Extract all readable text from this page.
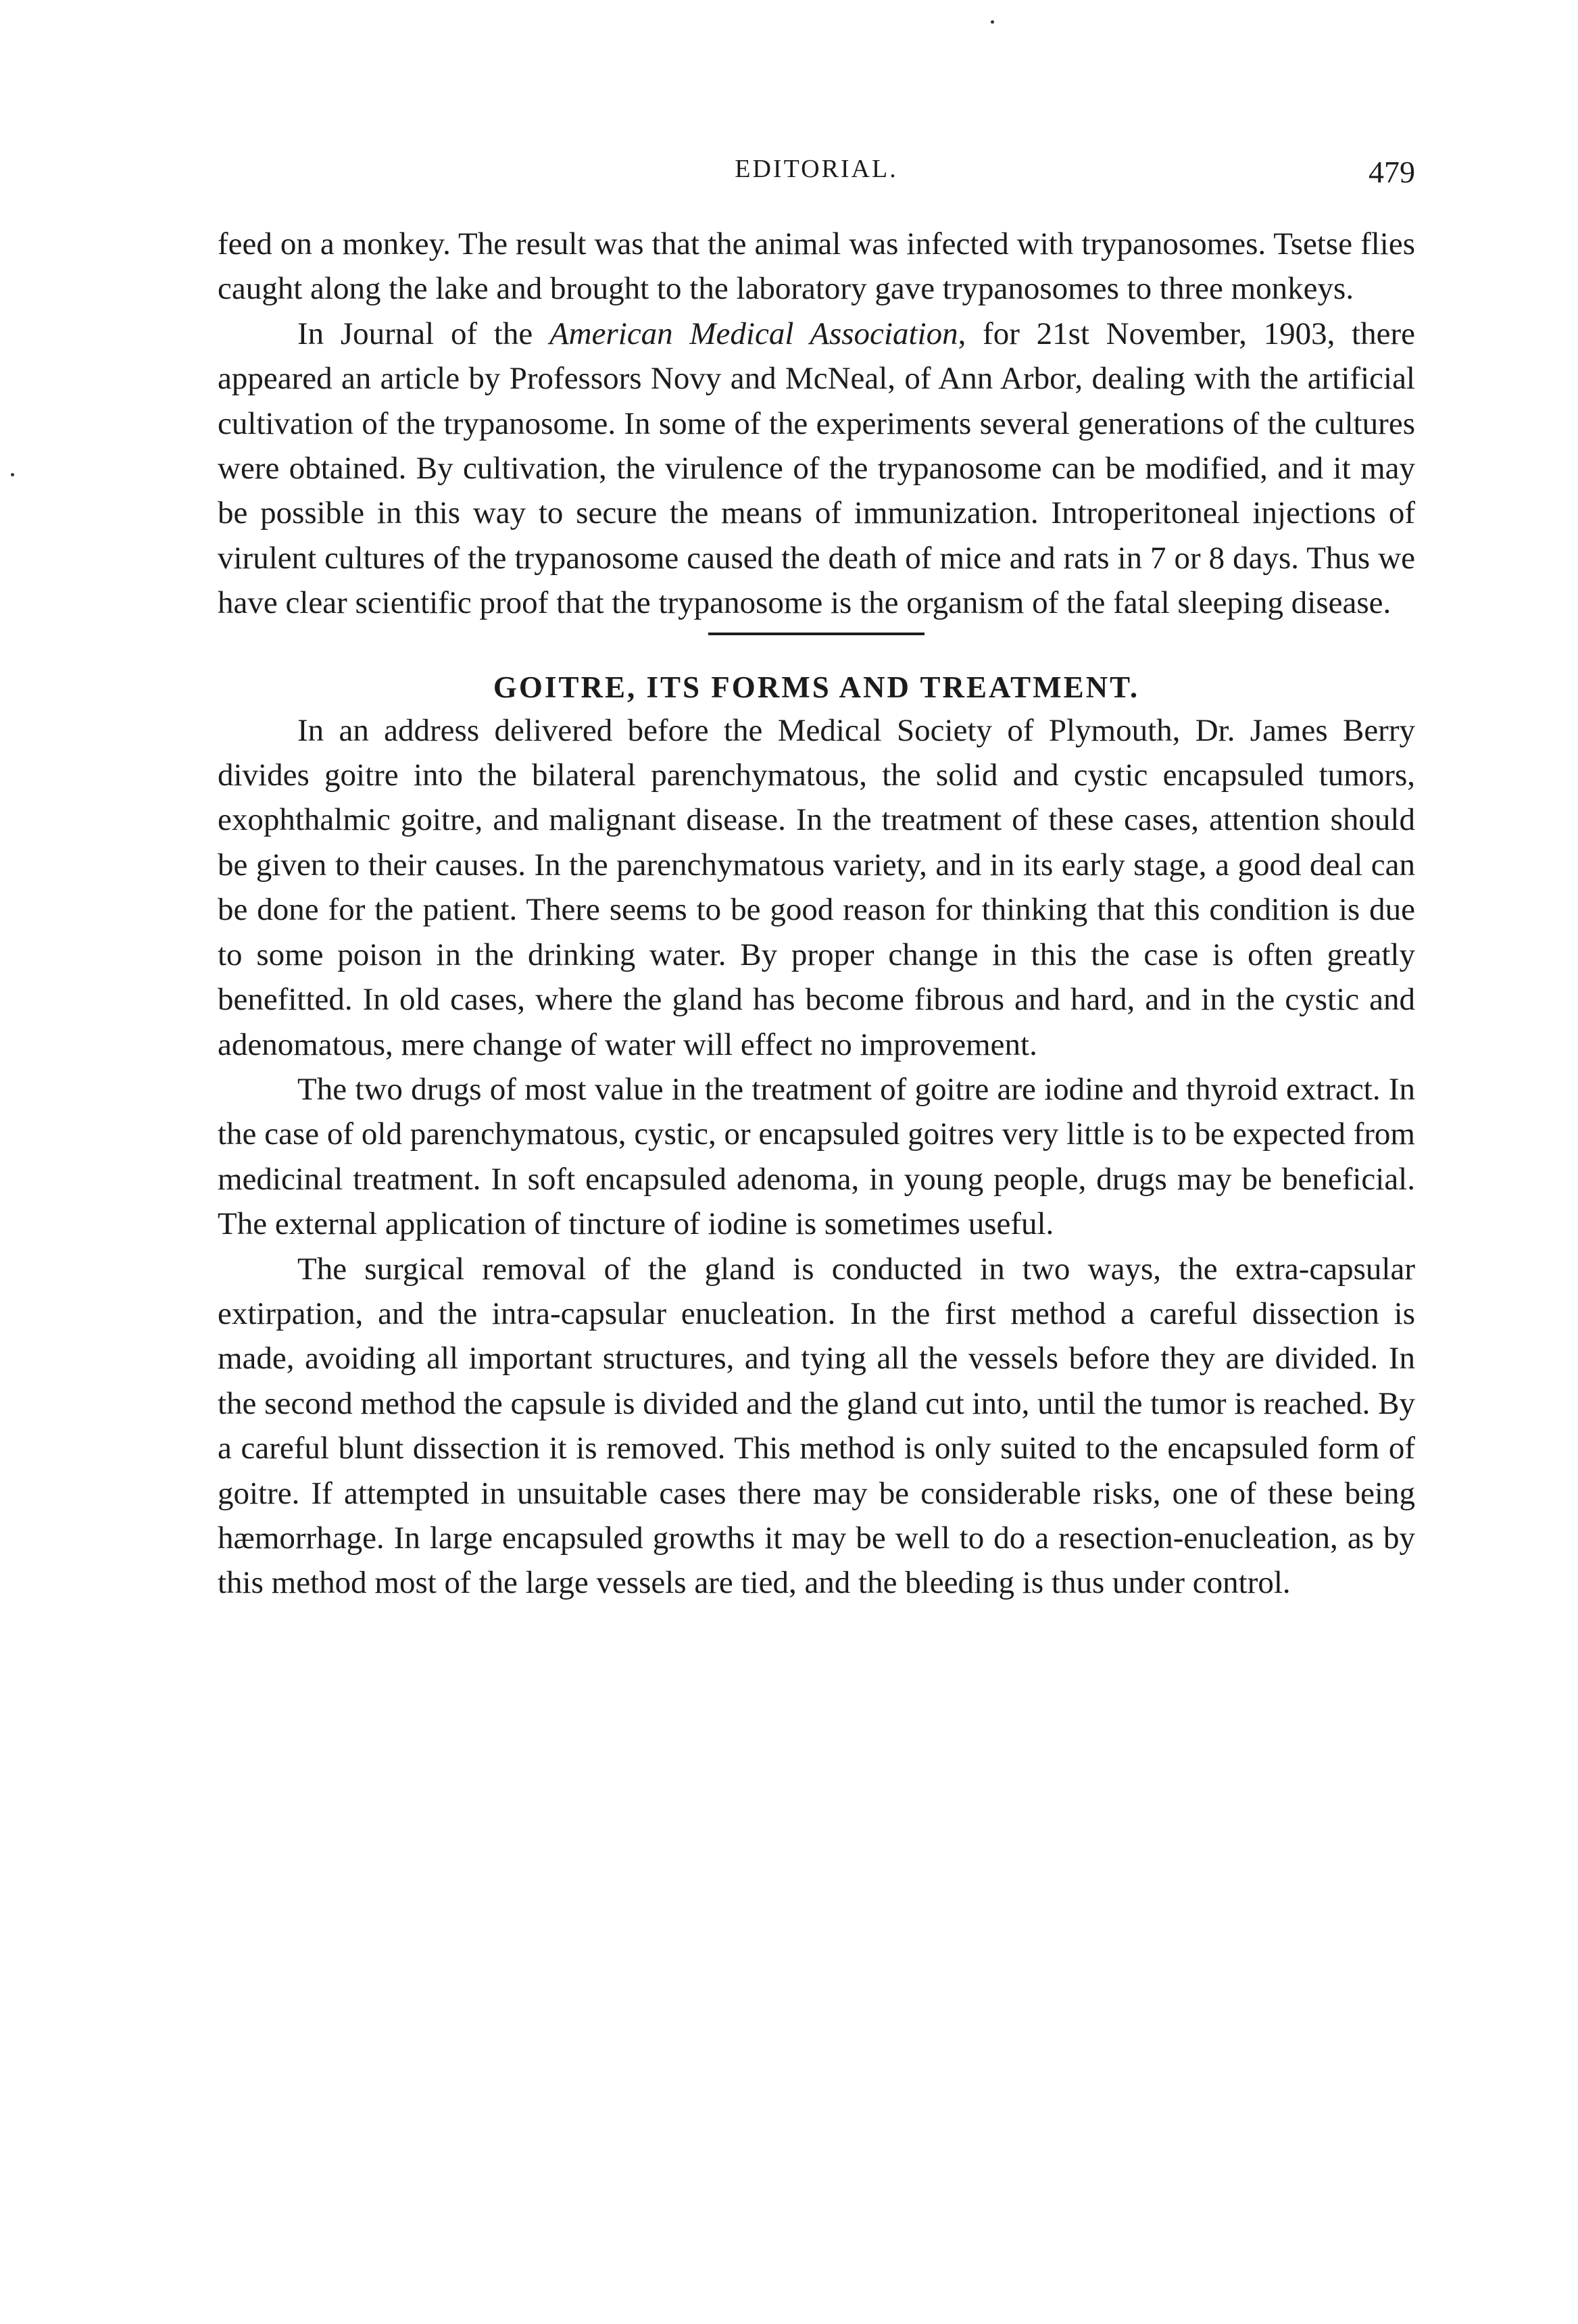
EDITORIAL.	479

feed on a monkey. The result was that the animal was infected with trypanosomes. Tsetse flies caught along the lake and brought to the laboratory gave trypanosomes to three monkeys.

In Journal of the American Medical Association, for 21st November, 1903, there appeared an article by Professors Novy and McNeal, of Ann Arbor, dealing with the artificial cultivation of the trypanosome. In some of the experiments several generations of the cultures were obtained. By cultivation, the virulence of the trypanosome can be modified, and it may be possible in this way to secure the means of immunization. Introperitoneal injections of virulent cultures of the trypanosome caused the death of mice and rats in 7 or 8 days. Thus we have clear scientific proof that the trypanosome is the organism of the fatal sleeping disease.

GOITRE, ITS FORMS AND TREATMENT.

In an address delivered before the Medical Society of Plymouth, Dr. James Berry divides goitre into the bilateral parenchymatous, the solid and cystic encapsuled tumors, exophthalmic goitre, and malignant disease. In the treatment of these cases, attention should be given to their causes. In the parenchymatous variety, and in its early stage, a good deal can be done for the patient. There seems to be good reason for thinking that this condition is due to some poison in the drinking water. By proper change in this the case is often greatly benefitted. In old cases, where the gland has become fibrous and hard, and in the cystic and adenomatous, mere change of water will effect no improvement.

The two drugs of most value in the treatment of goitre are iodine and thyroid extract. In the case of old parenchymatous, cystic, or encapsuled goitres very little is to be expected from medicinal treatment. In soft encapsuled adenoma, in young people, drugs may be beneficial. The external application of tincture of iodine is sometimes useful.

The surgical removal of the gland is conducted in two ways, the extra-capsular extirpation, and the intra-capsular enucleation. In the first method a careful dissection is made, avoiding all important structures, and tying all the vessels before they are divided. In the second method the capsule is divided and the gland cut into, until the tumor is reached. By a careful blunt dissection it is removed. This method is only suited to the encapsuled form of goitre. If attempted in unsuitable cases there may be considerable risks, one of these being hæmorrhage. In large encapsuled growths it may be well to do a resection-enucleation, as by this method most of the large vessels are tied, and the bleeding is thus under control.
